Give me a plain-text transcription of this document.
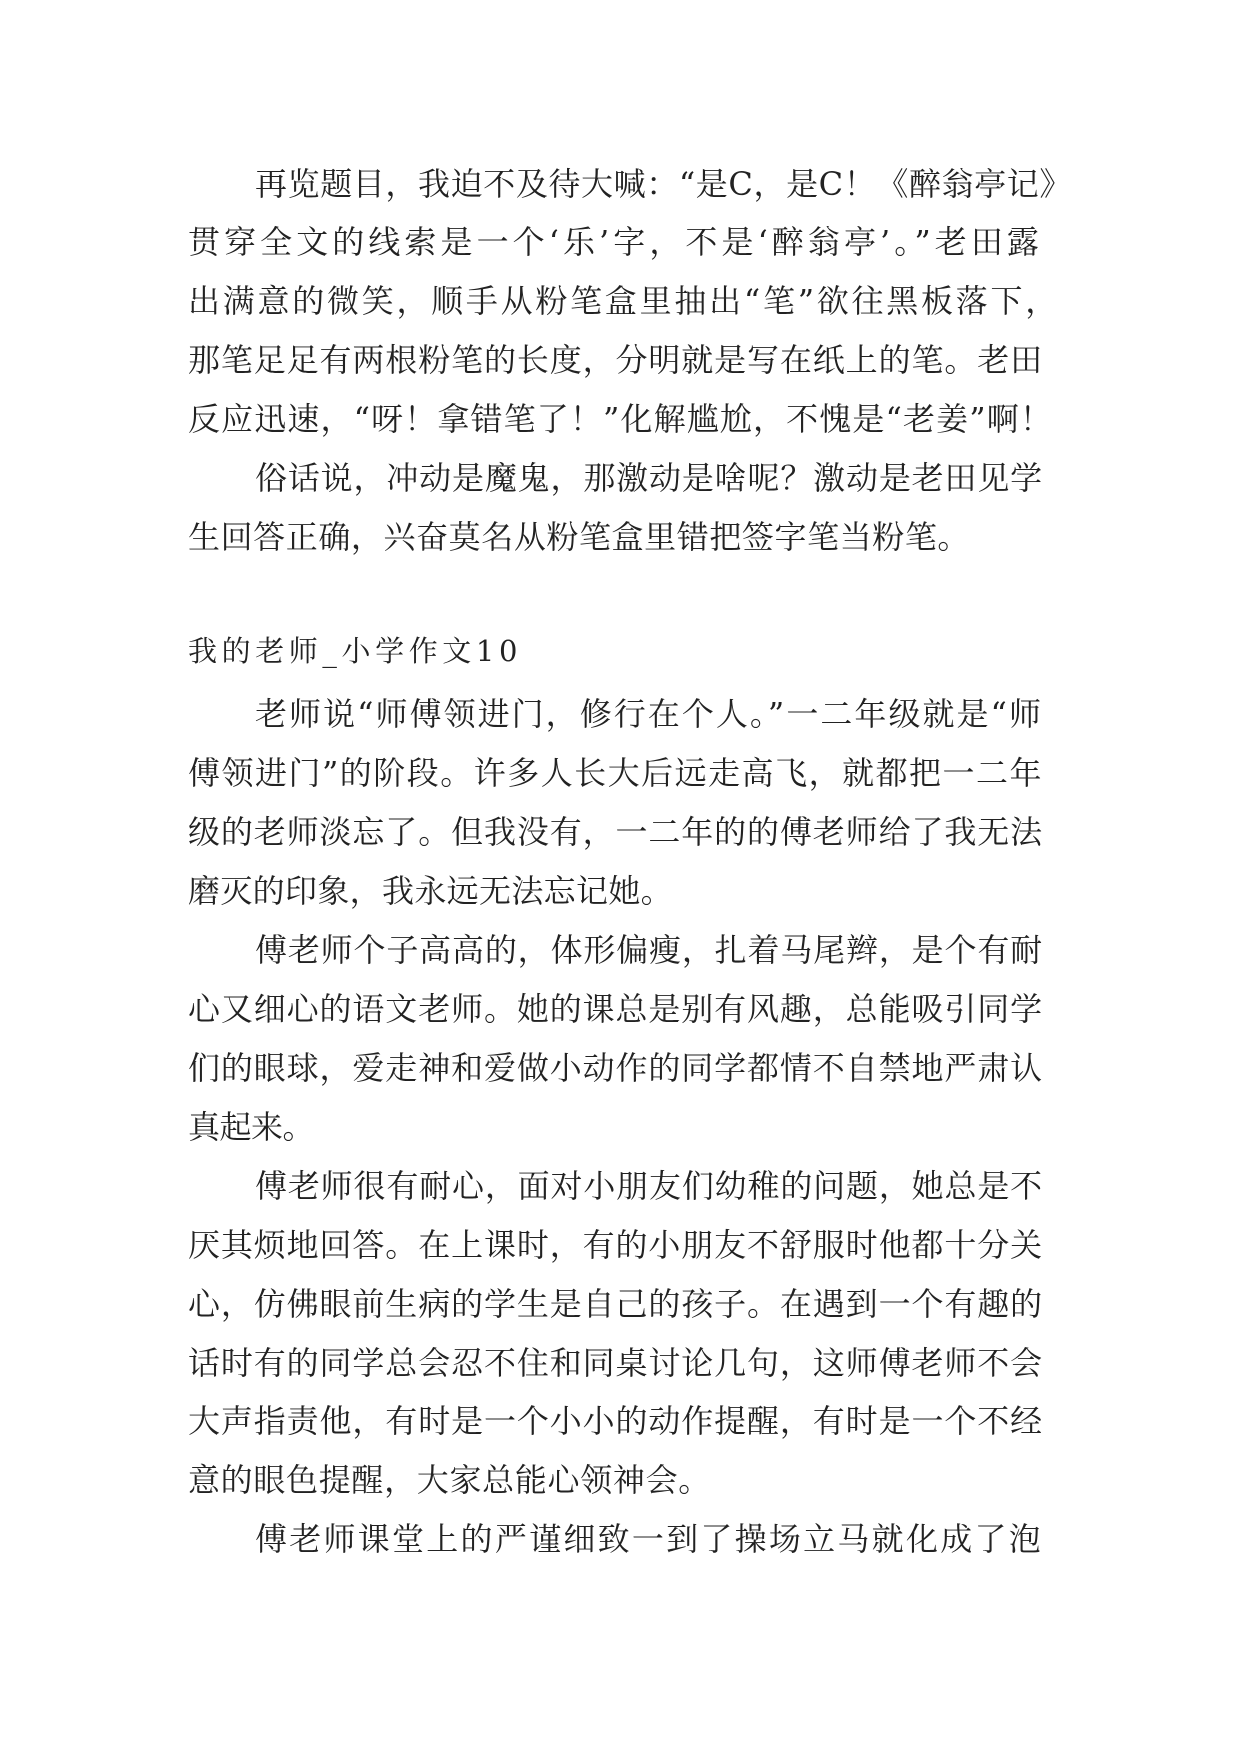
再览题目，我迫不及待大喊：“是C，是C！《醉翁亭记》
贯穿全文的线索是一个‘乐’字，不是‘醉翁亭’。”老田露
出满意的微笑，顺手从粉笔盒里抽出“笔”欲往黑板落下，
那笔足足有两根粉笔的长度，分明就是写在纸上的笔。老田
反应迅速，“呀！拿错笔了！”化解尴尬，不愧是“老姜”啊！
俗话说，冲动是魔鬼，那激动是啥呢？激动是老田见学
生回答正确，兴奋莫名从粉笔盒里错把签字笔当粉笔。
我的老师_小学作文10
老师说“师傅领进门，修行在个人。”一二年级就是“师
傅领进门”的阶段。许多人长大后远走高飞，就都把一二年
级的老师淡忘了。但我没有，一二年的的傅老师给了我无法
磨灭的印象，我永远无法忘记她。
傅老师个子高高的，体形偏瘦，扎着马尾辫，是个有耐
心又细心的语文老师。她的课总是别有风趣，总能吸引同学
们的眼球，爱走神和爱做小动作的同学都情不自禁地严肃认
真起来。
傅老师很有耐心，面对小朋友们幼稚的问题，她总是不
厌其烦地回答。在上课时，有的小朋友不舒服时他都十分关
心，仿佛眼前生病的学生是自己的孩子。在遇到一个有趣的
话时有的同学总会忍不住和同桌讨论几句，这师傅老师不会
大声指责他，有时是一个小小的动作提醒，有时是一个不经
意的眼色提醒，大家总能心领神会。
傅老师课堂上的严谨细致一到了操场立马就化成了泡
